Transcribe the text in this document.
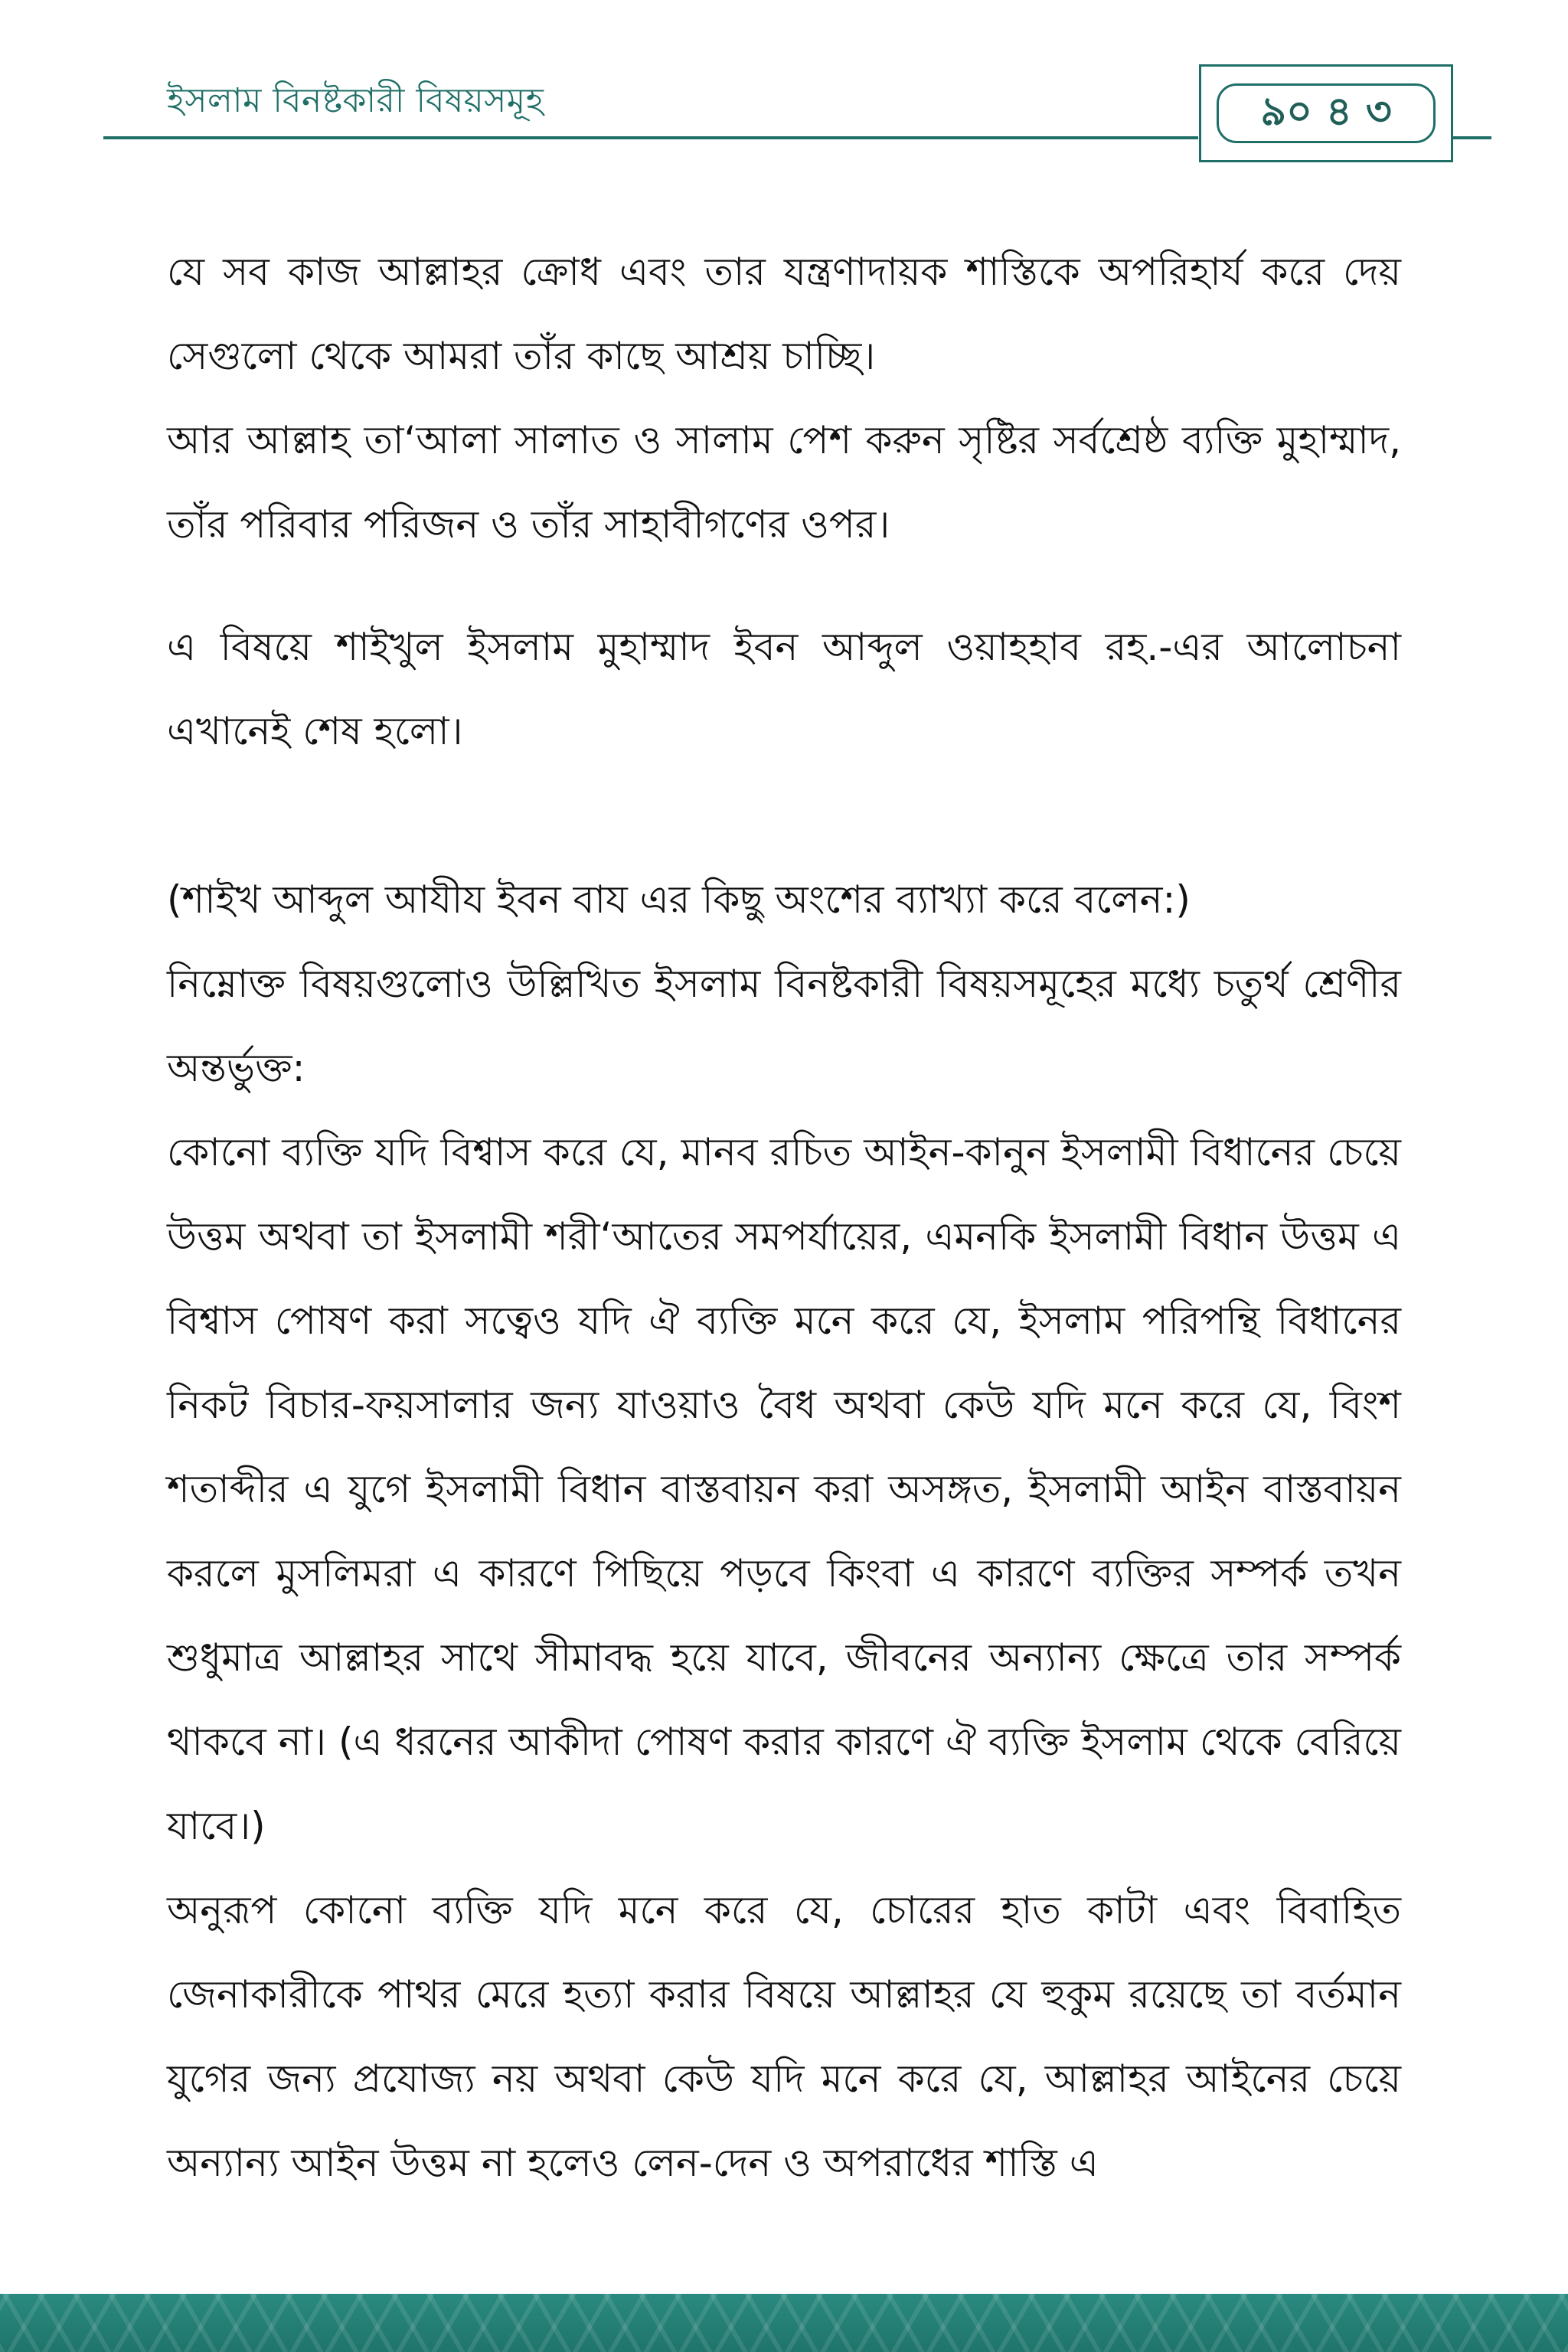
ইসলাম বিনষ্টকারী বিষয়সমূহ	৯০ ৪ ৩

যে সব কাজ আল্লাহর ক্রোধ এবং তার যন্ত্রণাদায়ক শাস্তিকে অপরিহার্য করে দেয় সেগুলো থেকে আমরা তাঁর কাছে আশ্রয় চাচ্ছি।

আর আল্লাহ তা‘আলা সালাত ও সালাম পেশ করুন সৃষ্টির সর্বশ্রেষ্ঠ ব্যক্তি মুহাম্মাদ, তাঁর পরিবার পরিজন ও তাঁর সাহাবীগণের ওপর।

এ বিষয়ে শাইখুল ইসলাম মুহাম্মাদ ইবন আব্দুল ওয়াহহাব রহ.-এর আলোচনা এখানেই শেষ হলো।

(শাইখ আব্দুল আযীয ইবন বায এর কিছু অংশের ব্যাখ্যা করে বলেন:)

নিম্নোক্ত বিষয়গুলোও উল্লিখিত ইসলাম বিনষ্টকারী বিষয়সমূহের মধ্যে চতুর্থ শ্রেণীর অন্তর্ভুক্ত:

কোনো ব্যক্তি যদি বিশ্বাস করে যে, মানব রচিত আইন-কানুন ইসলামী বিধানের চেয়ে উত্তম অথবা তা ইসলামী শরী‘আতের সমপর্যায়ের, এমনকি ইসলামী বিধান উত্তম এ বিশ্বাস পোষণ করা সত্বেও যদি ঐ ব্যক্তি মনে করে যে, ইসলাম পরিপন্থি বিধানের নিকট বিচার-ফয়সালার জন্য যাওয়াও বৈধ অথবা কেউ যদি মনে করে যে, বিংশ শতাব্দীর এ যুগে ইসলামী বিধান বাস্তবায়ন করা অসঙ্গত, ইসলামী আইন বাস্তবায়ন করলে মুসলিমরা এ কারণে পিছিয়ে পড়বে কিংবা এ কারণে ব্যক্তির সম্পর্ক তখন শুধুমাত্র আল্লাহর সাথে সীমাবদ্ধ হয়ে যাবে, জীবনের অন্যান্য ক্ষেত্রে তার সম্পর্ক থাকবে না। (এ ধরনের আকীদা পোষণ করার কারণে ঐ ব্যক্তি ইসলাম থেকে বেরিয়ে যাবে।)

অনুরূপ কোনো ব্যক্তি যদি মনে করে যে, চোরের হাত কাটা এবং বিবাহিত জেনাকারীকে পাথর মেরে হত্যা করার বিষয়ে আল্লাহর যে হুকুম রয়েছে তা বর্তমান যুগের জন্য প্রযোজ্য নয় অথবা কেউ যদি মনে করে যে, আল্লাহর আইনের চেয়ে অন্যান্য আইন উত্তম না হলেও লেন-দেন ও অপরাধের শাস্তি এ
